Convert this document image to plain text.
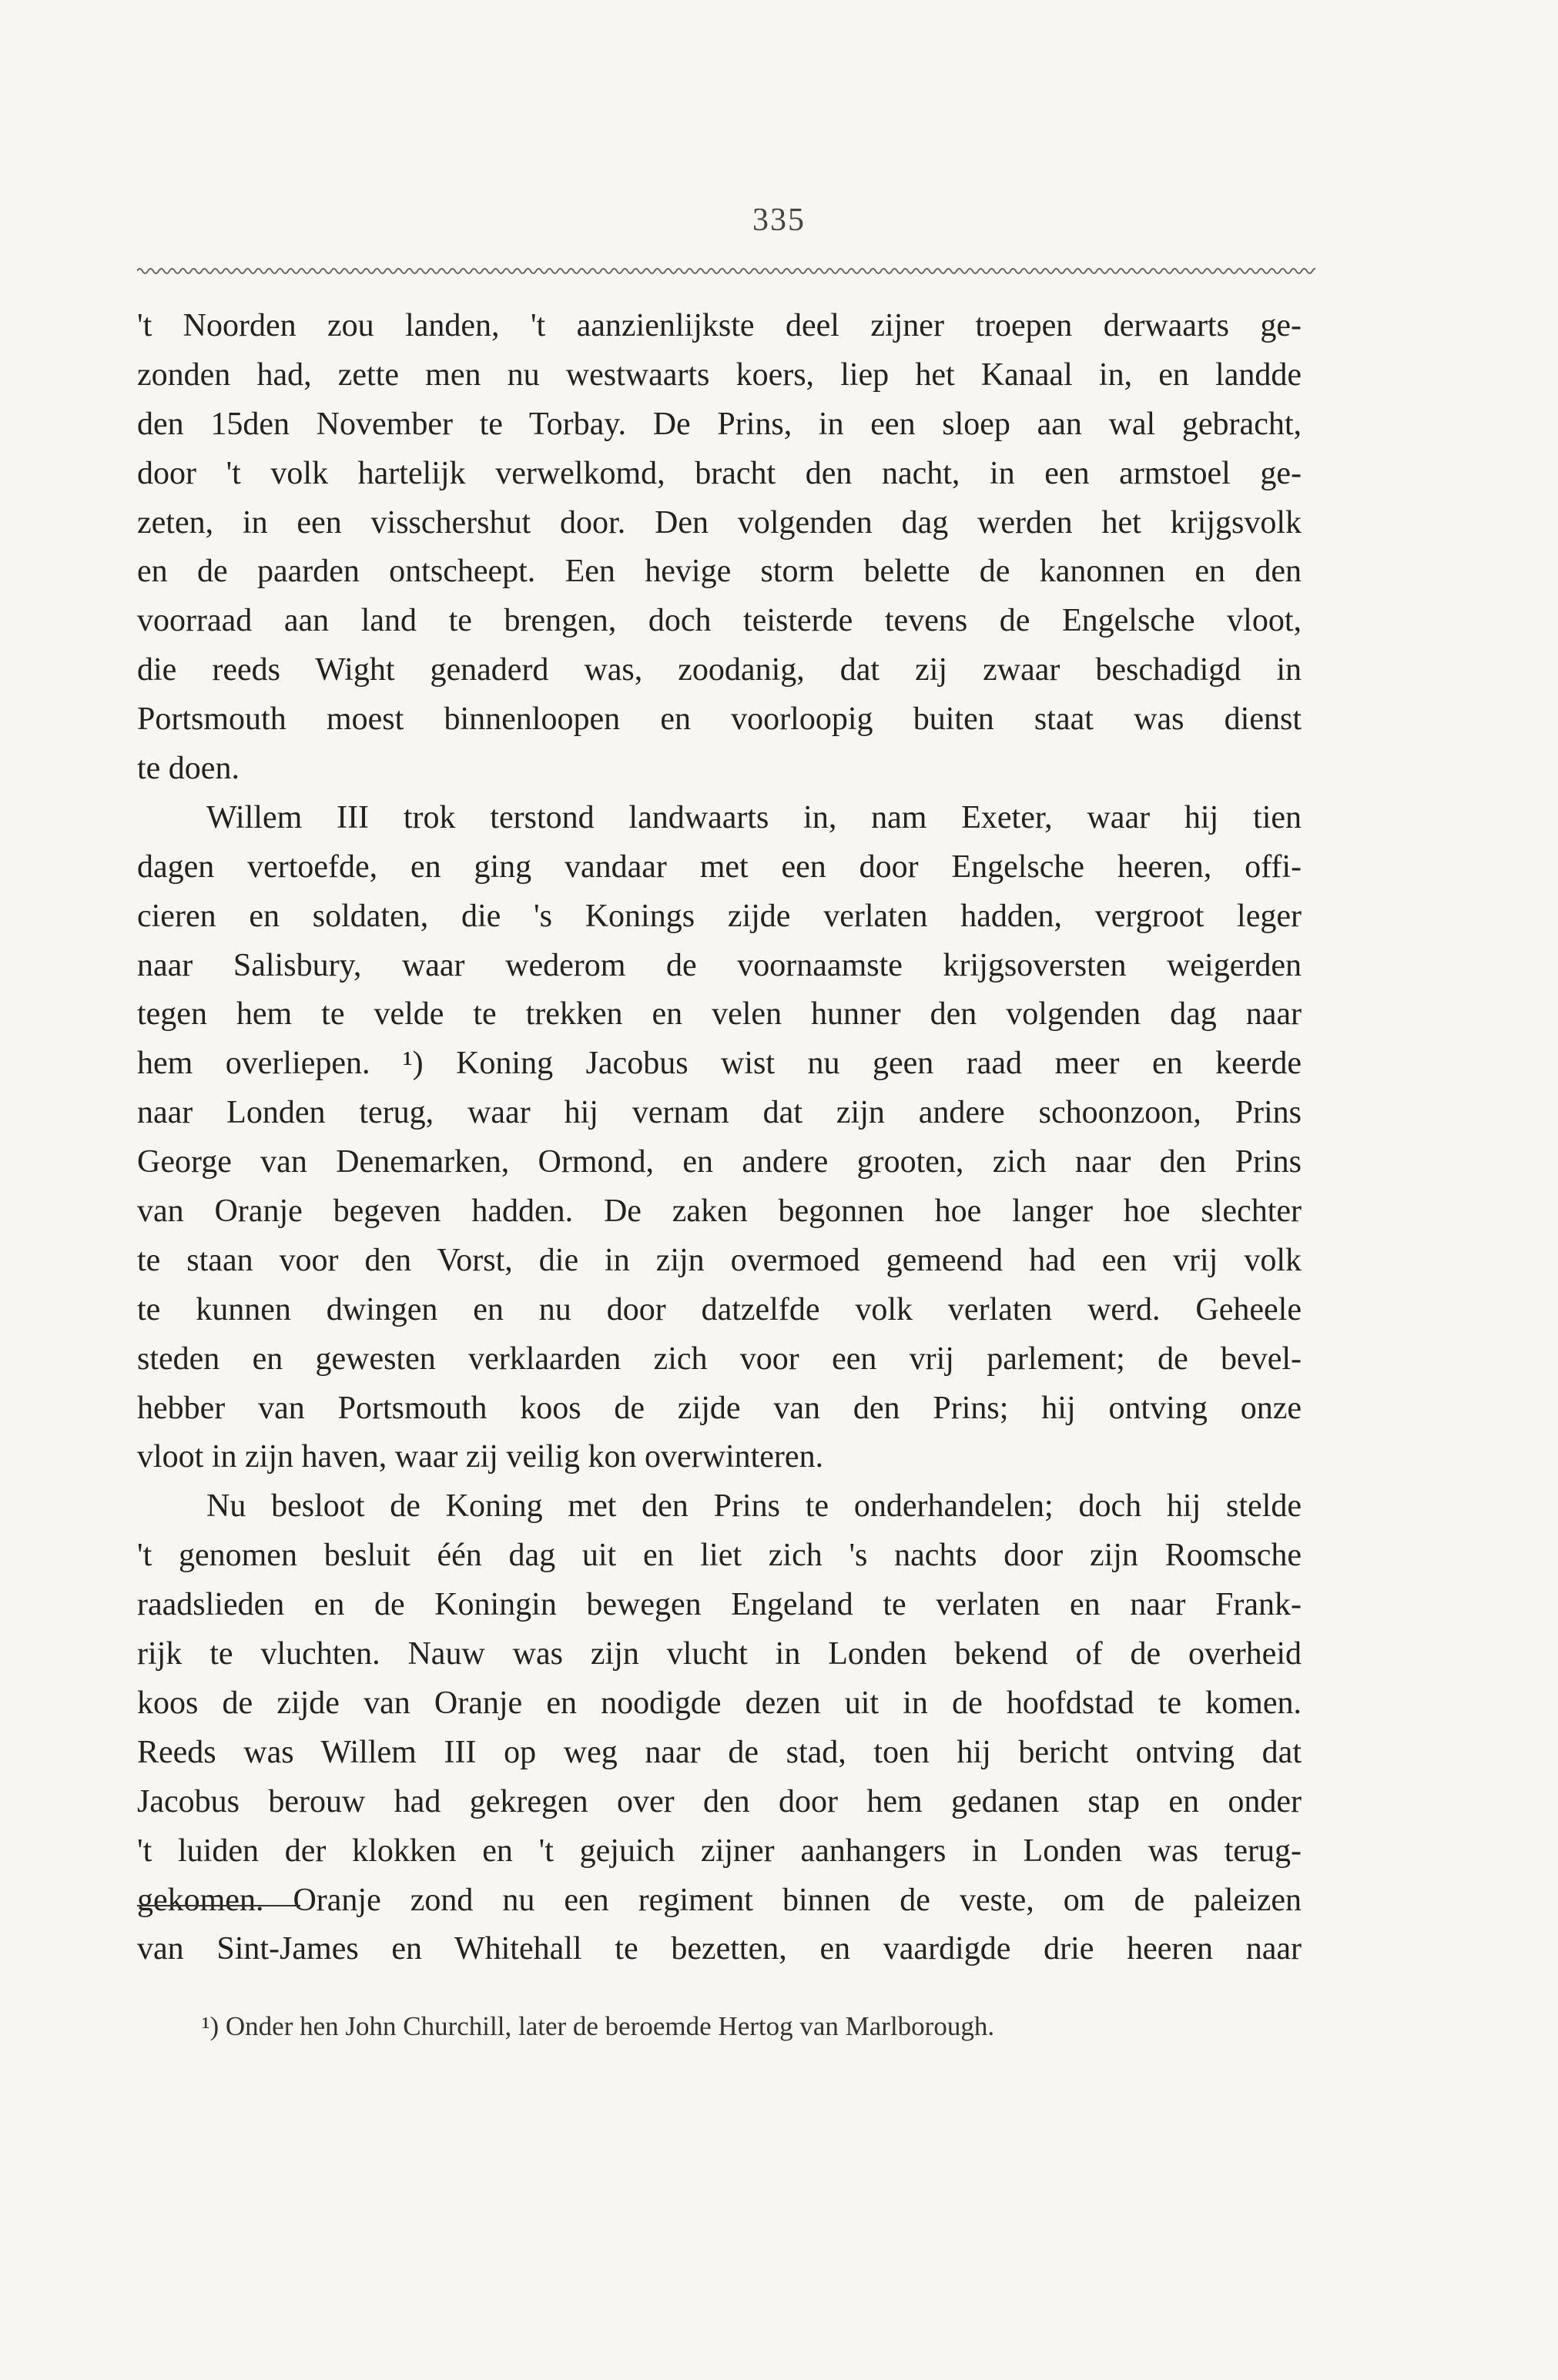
335
't Noorden zou landen, 't aanzienlijkste deel zijner troepen derwaarts ge-
zonden had, zette men nu westwaarts koers, liep het Kanaal in, en landde
den 15den November te Torbay. De Prins, in een sloep aan wal gebracht,
door 't volk hartelijk verwelkomd, bracht den nacht, in een armstoel ge-
zeten, in een visschershut door. Den volgenden dag werden het krijgsvolk
en de paarden ontscheept. Een hevige storm belette de kanonnen en den
voorraad aan land te brengen, doch teisterde tevens de Engelsche vloot,
die reeds Wight genaderd was, zoodanig, dat zij zwaar beschadigd in
Portsmouth moest binnenloopen en voorloopig buiten staat was dienst
te doen.
Willem III trok terstond landwaarts in, nam Exeter, waar hij tien
dagen vertoefde, en ging vandaar met een door Engelsche heeren, offi-
cieren en soldaten, die 's Konings zijde verlaten hadden, vergroot leger
naar Salisbury, waar wederom de voornaamste krijgsoversten weigerden
tegen hem te velde te trekken en velen hunner den volgenden dag naar
hem overliepen. ¹) Koning Jacobus wist nu geen raad meer en keerde
naar Londen terug, waar hij vernam dat zijn andere schoonzoon, Prins
George van Denemarken, Ormond, en andere grooten, zich naar den Prins
van Oranje begeven hadden. De zaken begonnen hoe langer hoe slechter
te staan voor den Vorst, die in zijn overmoed gemeend had een vrij volk
te kunnen dwingen en nu door datzelfde volk verlaten werd. Geheele
steden en gewesten verklaarden zich voor een vrij parlement; de bevel-
hebber van Portsmouth koos de zijde van den Prins; hij ontving onze
vloot in zijn haven, waar zij veilig kon overwinteren.
Nu besloot de Koning met den Prins te onderhandelen; doch hij stelde
't genomen besluit één dag uit en liet zich 's nachts door zijn Roomsche
raadslieden en de Koningin bewegen Engeland te verlaten en naar Frank-
rijk te vluchten. Nauw was zijn vlucht in Londen bekend of de overheid
koos de zijde van Oranje en noodigde dezen uit in de hoofdstad te komen.
Reeds was Willem III op weg naar de stad, toen hij bericht ontving dat
Jacobus berouw had gekregen over den door hem gedanen stap en onder
't luiden der klokken en 't gejuich zijner aanhangers in Londen was terug-
gekomen. Oranje zond nu een regiment binnen de veste, om de paleizen
van Sint-James en Whitehall te bezetten, en vaardigde drie heeren naar
¹) Onder hen John Churchill, later de beroemde Hertog van Marlborough.
